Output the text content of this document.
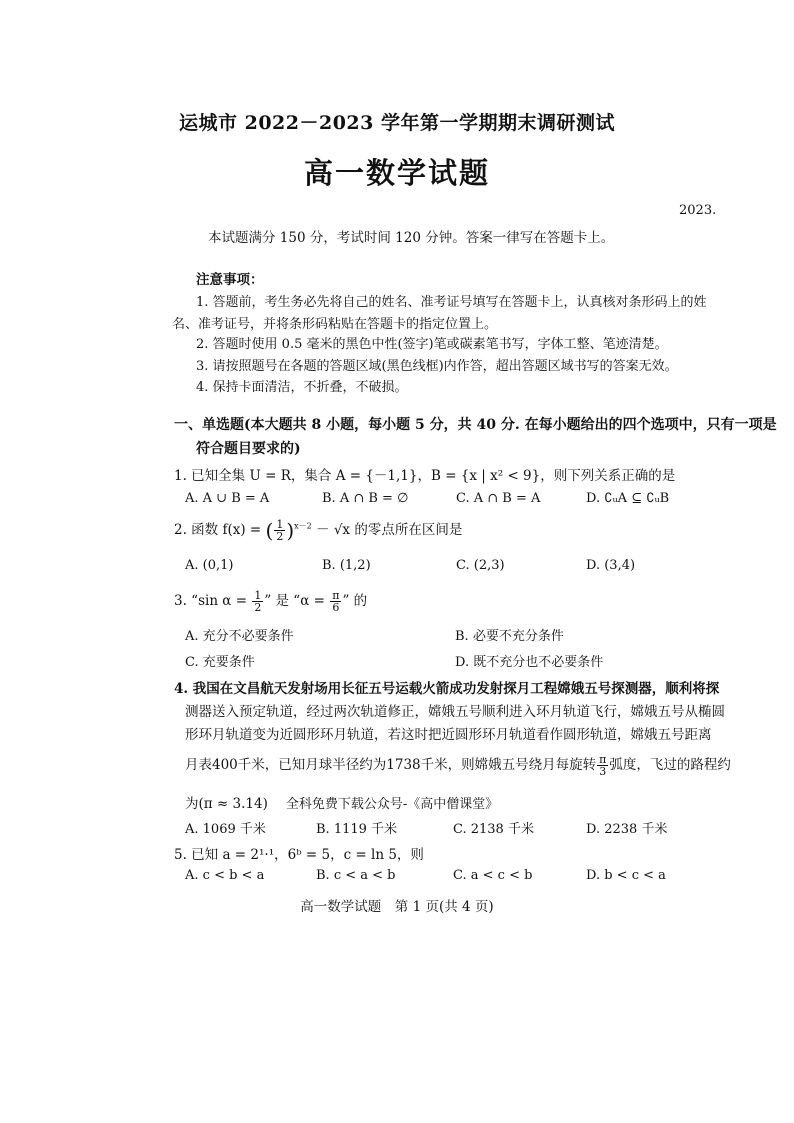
运城市 2022－2023 学年第一学期期末调研测试
高一数学试题
2023.
本试题满分 150 分，考试时间 120 分钟。答案一律写在答题卡上。
注意事项：
1. 答题前，考生务必先将自己的姓名、准考证号填写在答题卡上，认真核对条形码上的姓
名、准考证号，并将条形码粘贴在答题卡的指定位置上。
2. 答题时使用 0.5 毫米的黑色中性(签字)笔或碳素笔书写，字体工整、笔迹清楚。
3. 请按照题号在各题的答题区域(黑色线框)内作答，超出答题区域书写的答案无效。
4. 保持卡面清洁，不折叠，不破损。
一、单选题(本大题共 8 小题，每小题 5 分，共 40 分. 在每小题给出的四个选项中，只有一项是
符合题目要求的)
1. 已知全集 U = R，集合 A = {－1,1}，B = {x | x² < 9}，则下列关系正确的是
A. A ∪ B = A	B. A ∩ B = ∅	C. A ∩ B = A	D. ∁ᵤA ⊆ ∁ᵤB
2. 函数 f(x) = ( $\frac{1}{2} )^{x-2} - √x$ 的零点所在区间是
A. (0,1)	B. (1,2)	C. (2,3)	D. (3,4)
3. “sin $\alpha = \frac{1}{2}$ ” 是 “$\alpha = \frac{\pi}{6}$ ” 的
A. 充分不必要条件	B. 必要不充分条件
C. 充要条件	D. 既不充分也不必要条件
4. 我国在文昌航天发射场用长征五号运载火箭成功发射探月工程嫦娥五号探测器，顺利将探
测器送入预定轨道，经过两次轨道修正，嫦娥五号顺利进入环月轨道飞行，嫦娥五号从椭圆
形环月轨道变为近圆形环月轨道，若这时把近圆形环月轨道看作圆形轨道，嫦娥五号距离
月表400千米，已知月球半径约为1738千米，则嫦娥五号绕月每旋转 $\frac{\pi}{3}$ 弧度，飞过的路程约
为(π ≈ 3.14) 全科免费下载公众号-《高中僧课堂》
A. 1069 千米	B. 1119 千米	C. 2138 千米	D. 2238 千米
5. 已知 a = 2¹·¹，6ᵇ = 5，c = ln 5，则
A. c < b < a	B. c < a < b	C. a < c < b	D. b < c < a
高一数学试题　第 1 页(共 4 页)
